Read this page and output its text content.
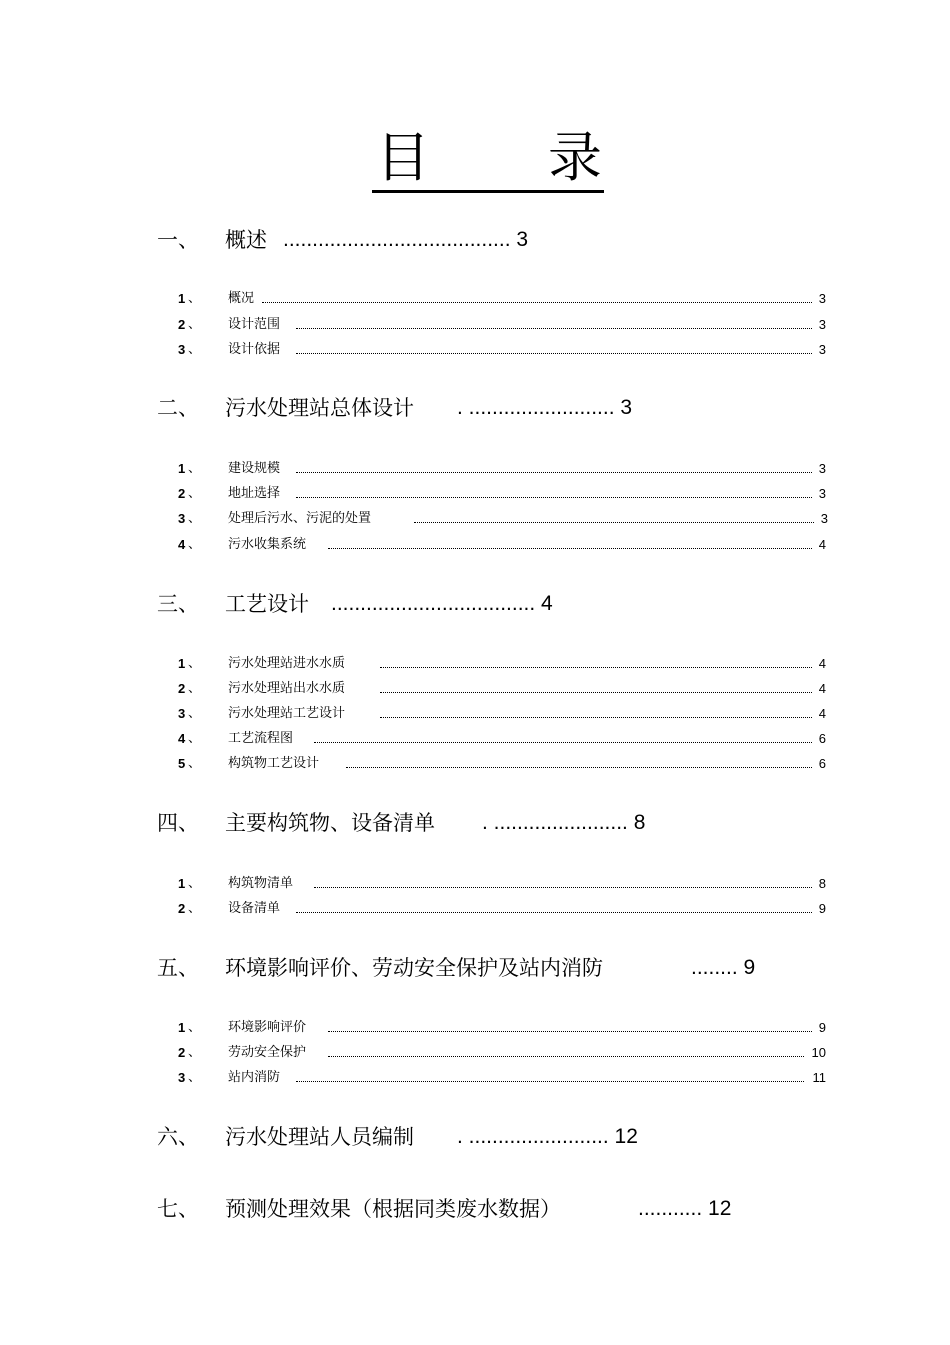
目 录
一、 概述 ....................................... 3
1 、 概况	3
2 、 设计范围	3
3 、 设计依据	3
二、 污水处理站总体设计 . ......................... 3
1 、 建设规模	3
2 、 地址选择	3
3 、 处理后污水、污泥的处置	3
4 、 污水收集系统	4
三、 工艺设计 ................................... 4
1 、 污水处理站进水水质	4
2 、 污水处理站出水水质	4
3 、 污水处理站工艺设计	4
4 、 工艺流程图	6
5 、 构筑物工艺设计	6
四、 主要构筑物、设备清单 . ....................... 8
1 、 构筑物清单	8
2 、 设备清单	9
五、 环境影响评价、劳动安全保护及站内消防	........ 9
1 、 环境影响评价	9
2 、 劳动安全保护	10
3 、 站内消防	11
六、 污水处理站人员编制 . ........................ 12
七、 预测处理效果（根据同类废水数据）	........... 12
